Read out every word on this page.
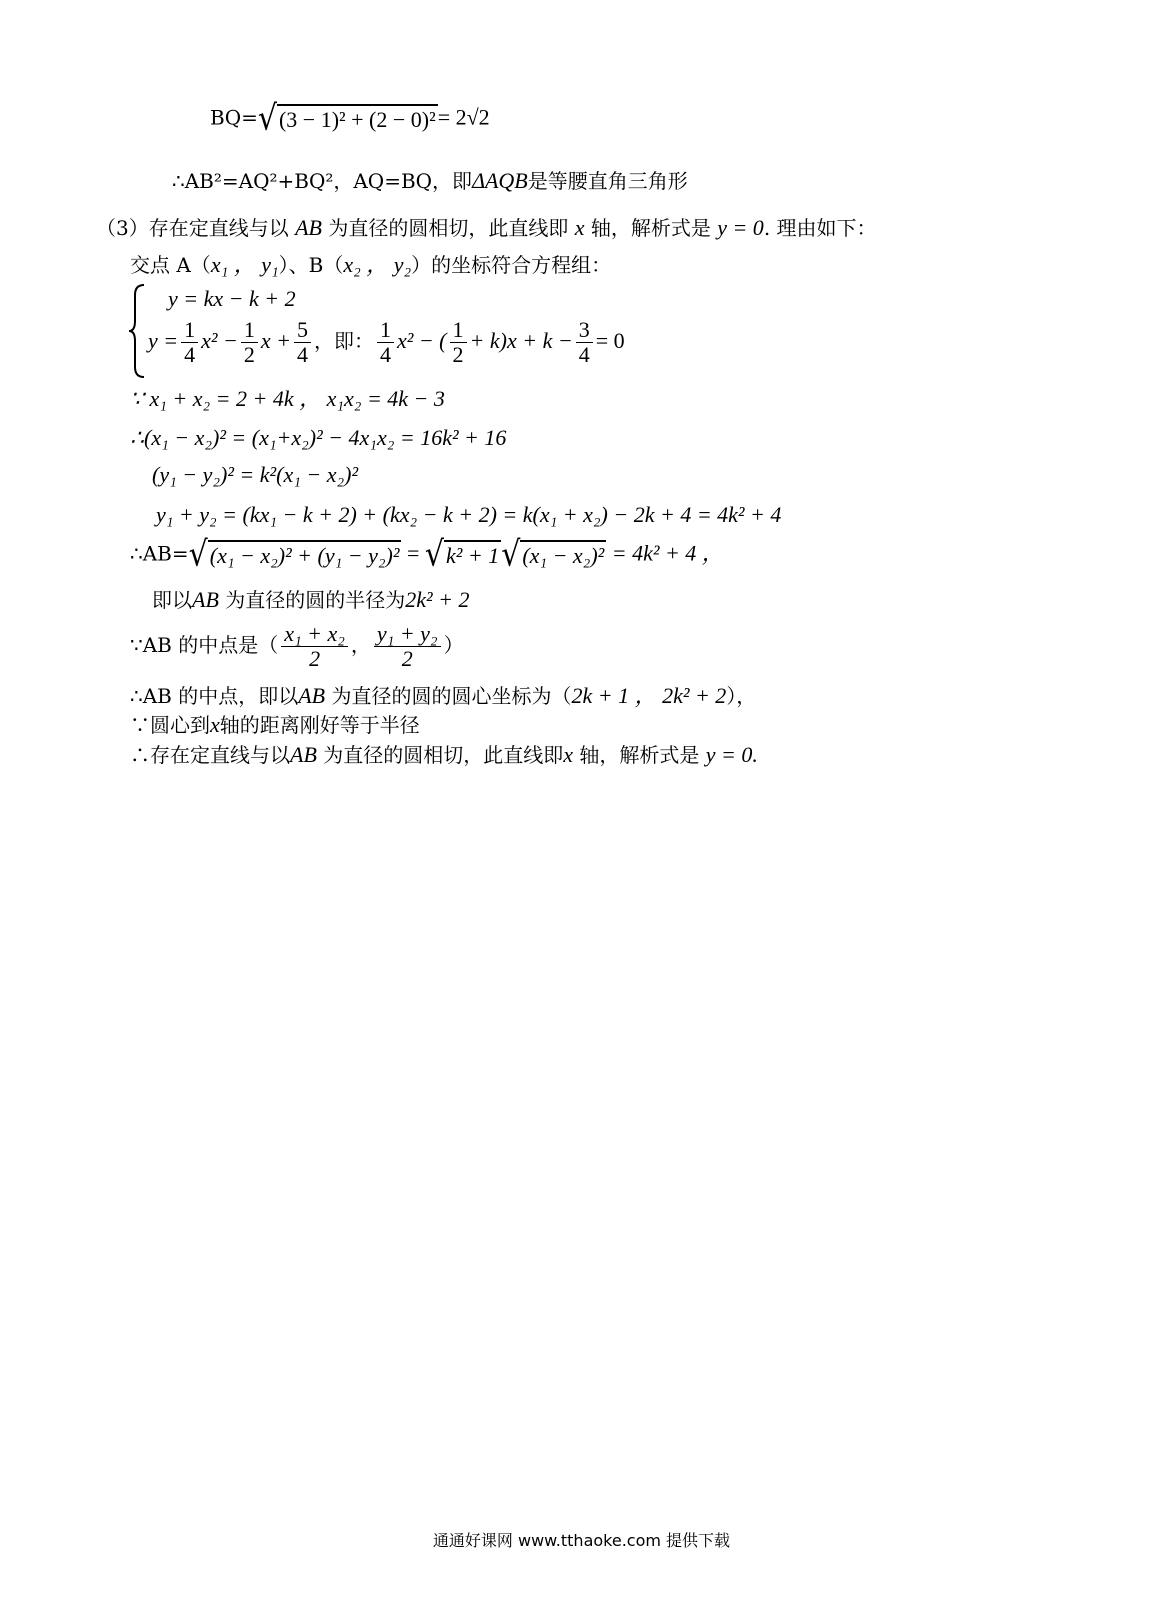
BQ= √ (3 − 1)² + (2 − 0)² = 2√2
∴AB²=AQ²+BQ²，AQ=BQ，即ΔAQB是等腰直角三角形
（3）存在定直线与以 AB 为直径的圆相切，此直线即 x 轴，解析式是 y = 0. 理由如下：
交点 A（x₁ ， y₁）、B（x₂ ， y₂）的坐标符合方程组：
y = kx − k + 2
$y = \frac{1}{4} x^2 - \frac{1}{2}$ $x + \frac{5}{4}$ ，即： $\frac{1}{4} x^2$ − ( $\frac{1}{2} + k)x + k - \frac{3}{4} = 0$
∵ x₁ + x₂ = 2 + 4k ， x₁x₂ = 4k − 3
∴(x₁ − x₂)² = (x₁+x₂)² − 4x₁x₂ = 16k² + 16
(y₁ − y₂)² = k²(x₁ − x₂)²
y₁ + y₂ = (kx₁ − k + 2) + (kx₂ − k + 2) = k(x₁ + x₂) − 2k + 4 = 4k² + 4
∴AB= √ (x₁ − x₂)² + (y₁ − y₂)² = √ k² + 1 √ (x₁ − x₂)² = 4k² + 4 ，
即以AB 为直径的圆的半径为2k² + 2
∵AB 的中点是（ $\frac{\text{x₁ + x₂}}{2}$ ， $\frac{\text{y₁ + y₂}}{2}$ ）
∴AB 的中点，即以AB 为直径的圆的圆心坐标为（2k + 1 ， 2k² + 2），
∵圆心到x轴的距离刚好等于半径
∴存在定直线与以AB 为直径的圆相切，此直线即x 轴，解析式是 y = 0.
通通好课网 www.tthaoke.com 提供下载
